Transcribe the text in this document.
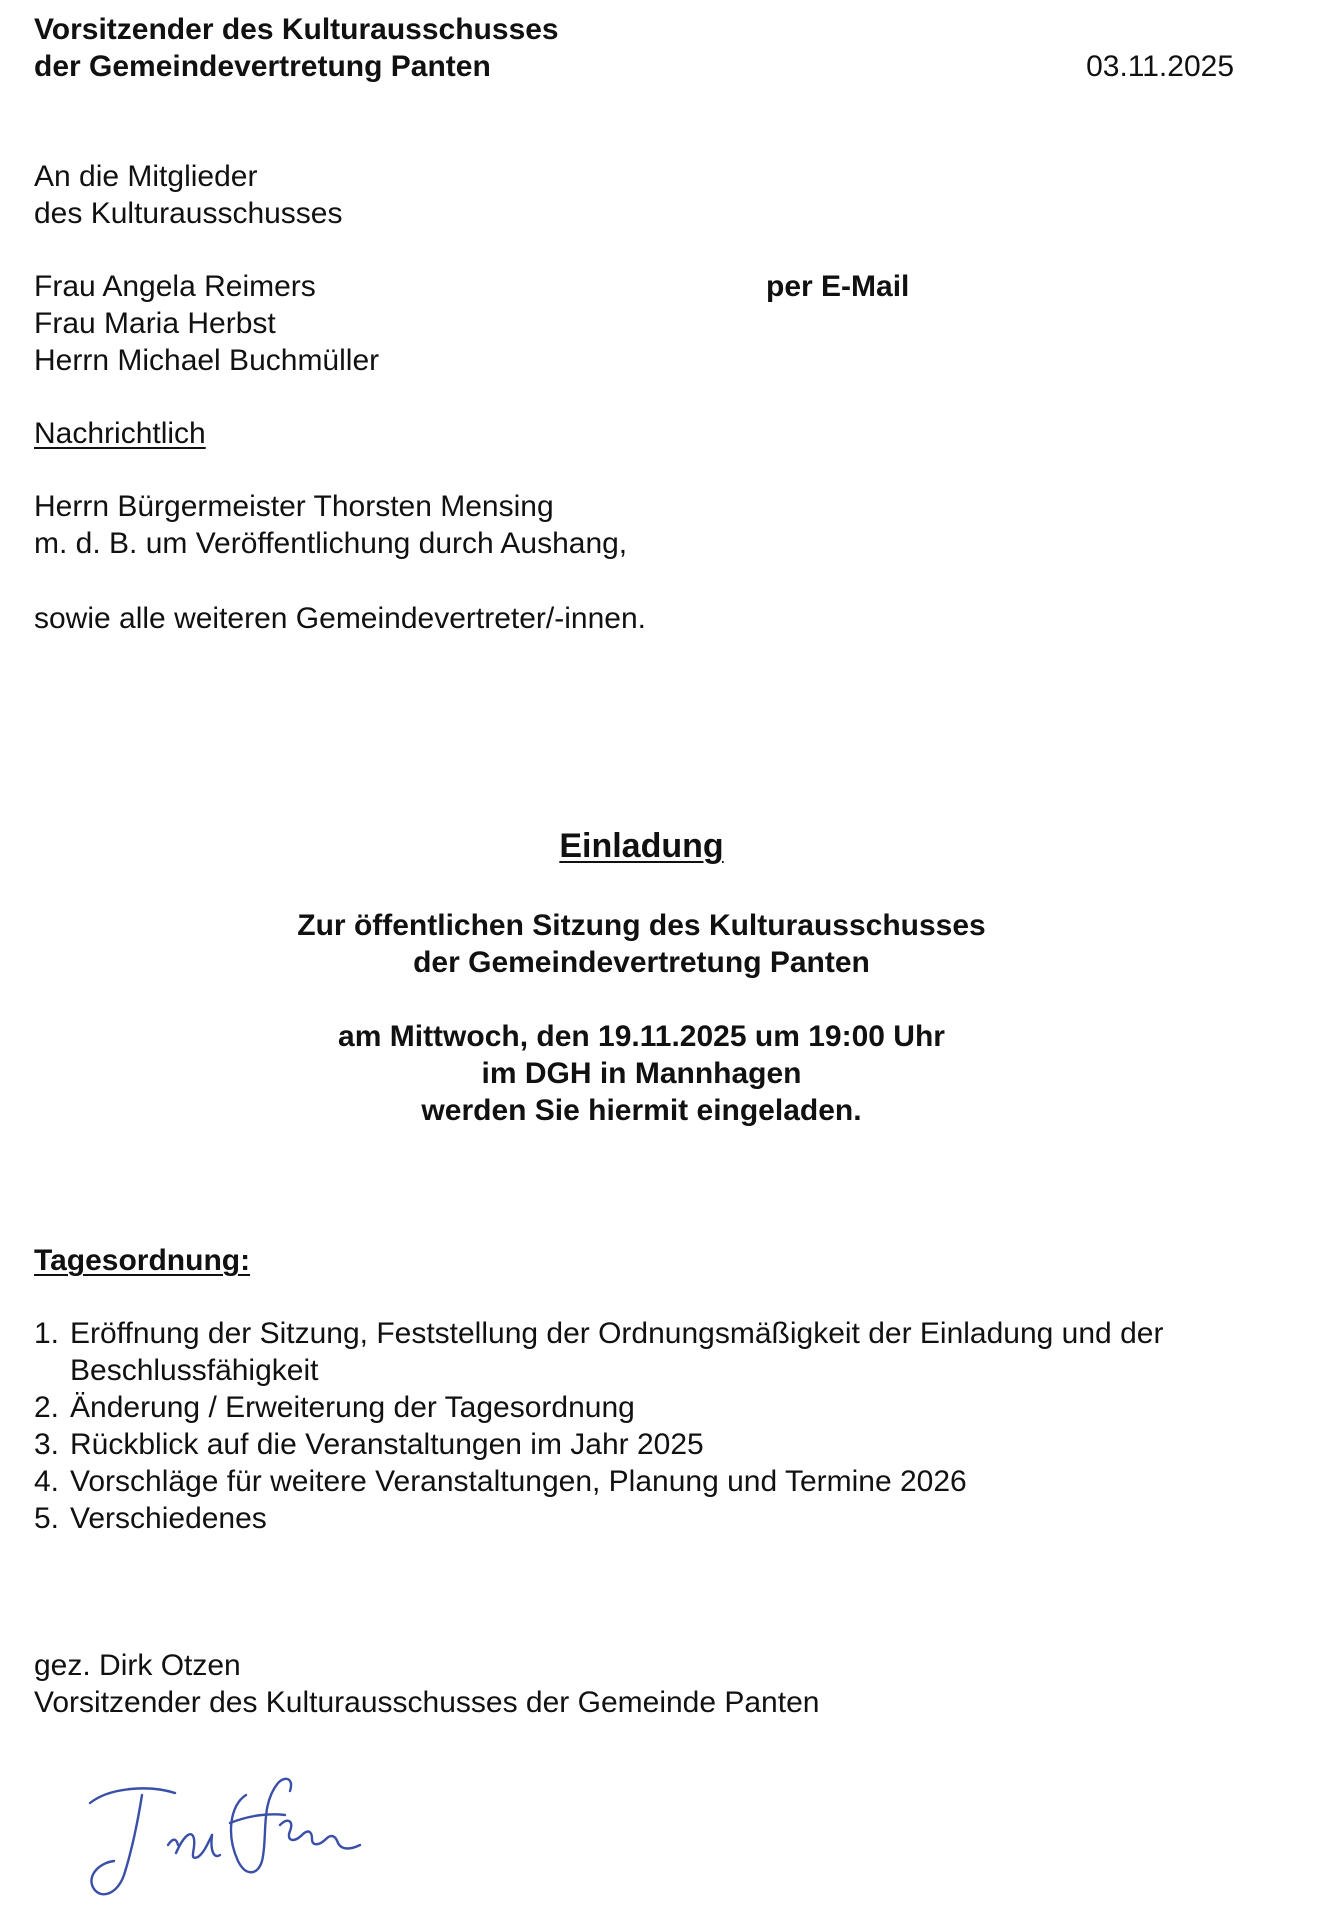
Vorsitzender des Kulturausschusses
der Gemeindevertretung Panten	03.11.2025
An die Mitglieder
des Kulturausschusses
Frau Angela Reimers
Frau Maria Herbst
Herrn Michael Buchmüller
per E-Mail
Nachrichtlich
Herrn Bürgermeister Thorsten Mensing
m. d. B. um Veröffentlichung durch Aushang,
sowie alle weiteren Gemeindevertreter/-innen.
Einladung
Zur öffentlichen Sitzung des Kulturausschusses
der Gemeindevertretung Panten
am Mittwoch, den 19.11.2025 um 19:00 Uhr
im DGH in Mannhagen
werden Sie hiermit eingeladen.
Tagesordnung:
1. Eröffnung der Sitzung, Feststellung der Ordnungsmäßigkeit der Einladung und der Beschlussfähigkeit
2. Änderung / Erweiterung der Tagesordnung
3. Rückblick auf die Veranstaltungen im Jahr 2025
4. Vorschläge für weitere Veranstaltungen, Planung und Termine 2026
5. Verschiedenes
gez. Dirk Otzen
Vorsitzender des Kulturausschusses der Gemeinde Panten
